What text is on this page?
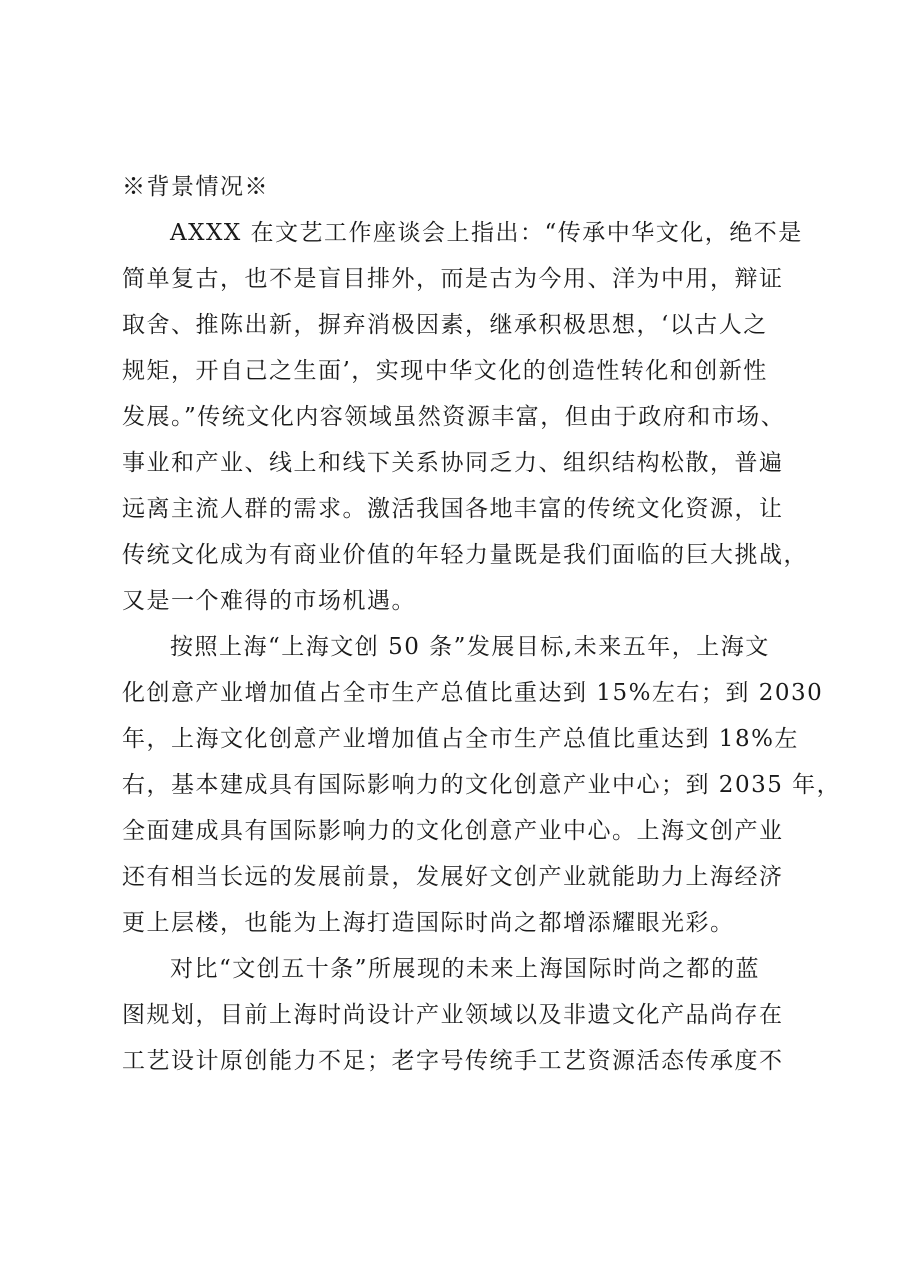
※背景情况※
AXXX 在文艺工作座谈会上指出：“传承中华文化，绝不是
简单复古，也不是盲目排外，而是古为今用、洋为中用，辩证
取舍、推陈出新，摒弃消极因素，继承积极思想，‘以古人之
规矩，开自己之生面’，实现中华文化的创造性转化和创新性
发展。”传统文化内容领域虽然资源丰富，但由于政府和市场、
事业和产业、线上和线下关系协同乏力、组织结构松散，普遍
远离主流人群的需求。激活我国各地丰富的传统文化资源，让
传统文化成为有商业价值的年轻力量既是我们面临的巨大挑战，
又是一个难得的市场机遇。
按照上海“上海文创 50 条”发展目标,未来五年，上海文
化创意产业增加值占全市生产总值比重达到 15%左右；到 2030
年，上海文化创意产业增加值占全市生产总值比重达到 18%左
右，基本建成具有国际影响力的文化创意产业中心；到 2035 年，
全面建成具有国际影响力的文化创意产业中心。上海文创产业
还有相当长远的发展前景，发展好文创产业就能助力上海经济
更上层楼，也能为上海打造国际时尚之都增添耀眼光彩。
对比“文创五十条”所展现的未来上海国际时尚之都的蓝
图规划，目前上海时尚设计产业领域以及非遗文化产品尚存在
工艺设计原创能力不足；老字号传统手工艺资源活态传承度不
